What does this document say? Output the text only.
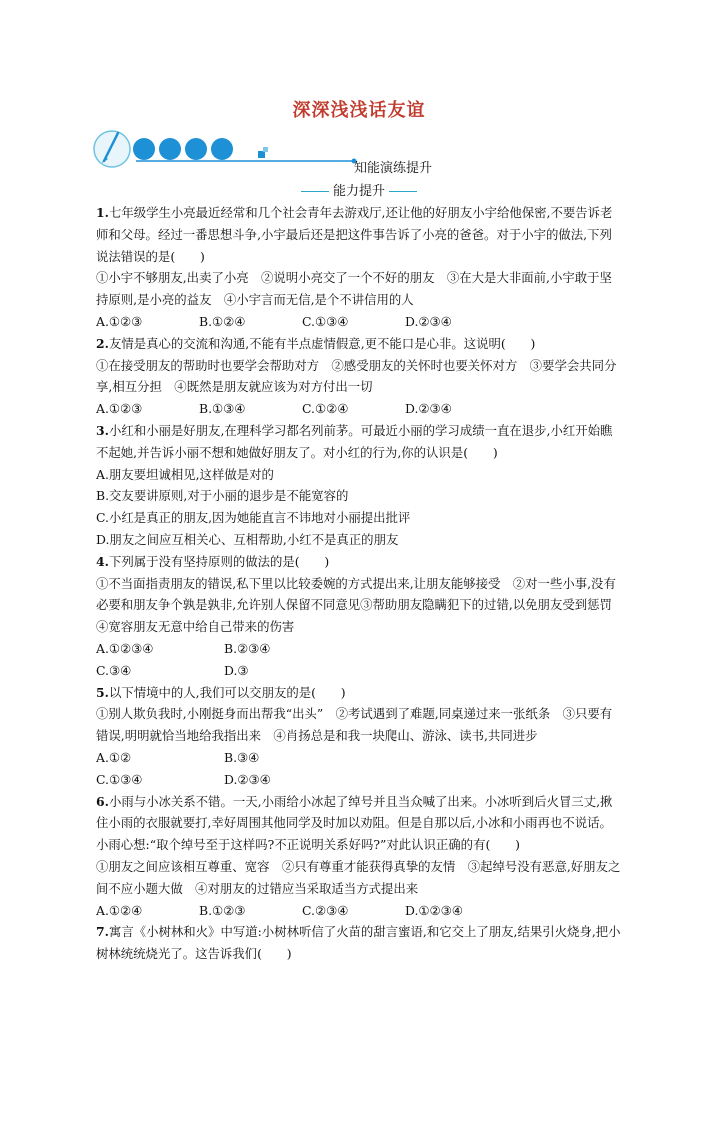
深深浅浅话友谊
知能演练提升
能力提升

1.七年级学生小亮最近经常和几个社会青年去游戏厅,还让他的好朋友小宇给他保密,不要告诉老师和父母。经过一番思想斗争,小宇最后还是把这件事告诉了小亮的爸爸。对于小宇的做法,下列说法错误的是(　　)

①小宇不够朋友,出卖了小亮　②说明小亮交了一个不好的朋友　③在大是大非面前,小宇敢于坚持原则,是小亮的益友　④小宇言而无信,是个不讲信用的人

A.①②③	B.①②④	C.①③④	D.②③④

2.友情是真心的交流和沟通,不能有半点虚情假意,更不能口是心非。这说明(　　)

①在接受朋友的帮助时也要学会帮助对方　②感受朋友的关怀时也要关怀对方　③要学会共同分享,相互分担　④既然是朋友就应该为对方付出一切

A.①②③	B.①③④	C.①②④	D.②③④

3.小红和小丽是好朋友,在理科学习都名列前茅。可最近小丽的学习成绩一直在退步,小红开始瞧不起她,并告诉小丽不想和她做好朋友了。对小红的行为,你的认识是(　　)

A.朋友要坦诚相见,这样做是对的

B.交友要讲原则,对于小丽的退步是不能宽容的

C.小红是真正的朋友,因为她能直言不讳地对小丽提出批评

D.朋友之间应互相关心、互相帮助,小红不是真正的朋友

4.下列属于没有坚持原则的做法的是(　　)

①不当面指责朋友的错误,私下里以比较委婉的方式提出来,让朋友能够接受　②对一些小事,没有必要和朋友争个孰是孰非,允许别人保留不同意见③帮助朋友隐瞒犯下的过错,以免朋友受到惩罚　④宽容朋友无意中给自己带来的伤害

A.①②③④	B.②③④
C.③④	D.③

5.以下情境中的人,我们可以交朋友的是(　　)

①别人欺负我时,小刚挺身而出帮我“出头”　②考试遇到了难题,同桌递过来一张纸条　③只要有错误,明明就恰当地给我指出来　④肖扬总是和我一块爬山、游泳、读书,共同进步

A.①②	B.③④
C.①③④	D.②③④

6.小雨与小冰关系不错。一天,小雨给小冰起了绰号并且当众喊了出来。小冰听到后火冒三丈,揪住小雨的衣服就要打,幸好周围其他同学及时加以劝阻。但是自那以后,小冰和小雨再也不说话。小雨心想:“取个绰号至于这样吗?不正说明关系好吗?”对此认识正确的有(　　)

①朋友之间应该相互尊重、宽容　②只有尊重才能获得真挚的友情　③起绰号没有恶意,好朋友之间不应小题大做　④对朋友的过错应当采取适当方式提出来

A.①②④	B.①②③	C.②③④	D.①②③④

7.寓言《小树林和火》中写道:小树林听信了火苗的甜言蜜语,和它交上了朋友,结果引火烧身,把小树林统统烧光了。这告诉我们(　　)
